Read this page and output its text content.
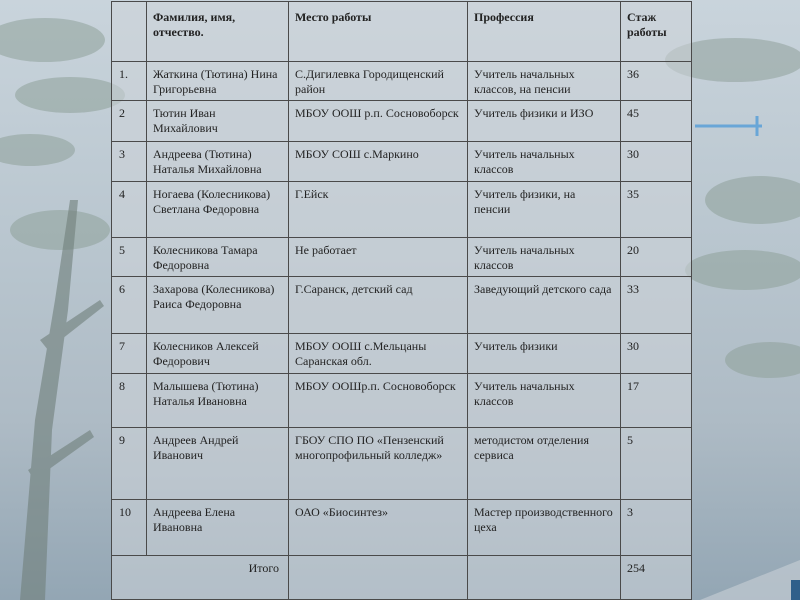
	Фамилия, имя, отчество.	Место работы	Профессия	Стаж работы
1.	Жаткина (Тютина) Нина Григорьевна	С.Дигилевка Городищенский район	Учитель начальных классов, на пенсии	36
2	Тютин Иван Михайлович	МБОУ ООШ р.п. Сосновоборск	Учитель физики и ИЗО	45
3	Андреева (Тютина) Наталья Михайловна	МБОУ СОШ с.Маркино	Учитель начальных классов	30
4	Ногаева (Колесникова) Светлана Федоровна	Г.Ейск	Учитель физики, на пенсии	35
5	Колесникова Тамара Федоровна	Не работает	Учитель начальных классов	20
6	Захарова (Колесникова) Раиса Федоровна	Г.Саранск, детский сад	Заведующий детского сада	33
7	Колесников Алексей Федорович	МБОУ ООШ с.Мельцаны Саранская обл.	Учитель физики	30
8	Малышева (Тютина) Наталья Ивановна	МБОУ ООШр.п. Сосновоборск	Учитель начальных классов	17
9	Андреев Андрей Иванович	ГБОУ СПО ПО «Пензенский многопрофильный колледж»	методистом отделения сервиса	5
10	Андреева Елена Ивановна	ОАО «Биосинтез»	Мастер производственного цеха	3
Итого				254
